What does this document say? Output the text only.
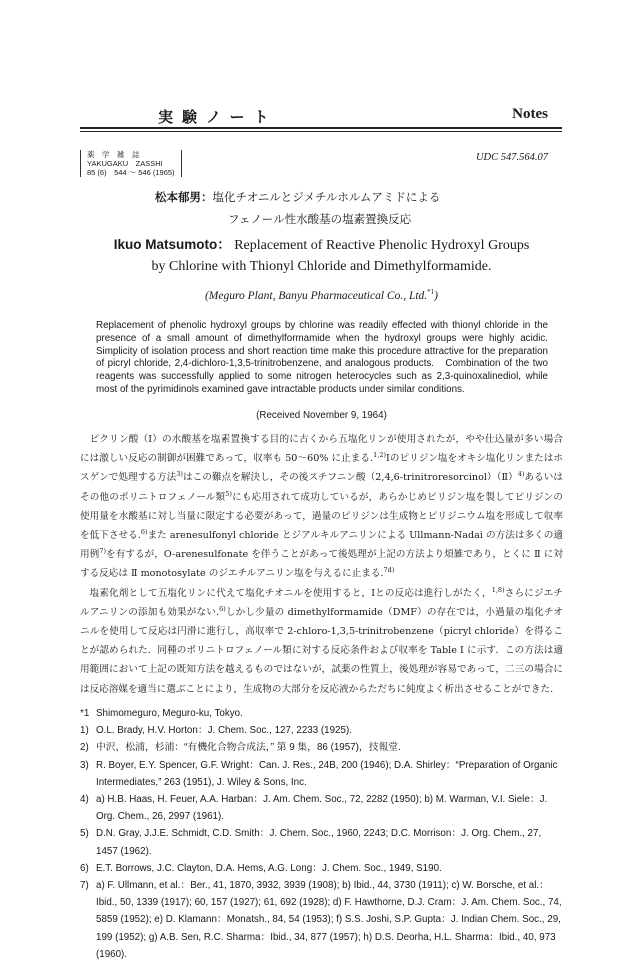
実験ノート	Notes
薬　学　雑　誌
YAKUGAKU　ZASSHI
85 (6)　544 ～ 546 (1965)
UDC 547.564.07
松本郁男：塩化チオニルとジメチルホルムアミドによる
フェノール性水酸基の塩素置換反応
Ikuo Matsumoto： Replacement of Reactive Phenolic Hydroxyl Groups
by Chlorine with Thionyl Chloride and Dimethylformamide.
(Meguro Plant, Banyu Pharmaceutical Co., Ltd.$^{*1}$)
Replacement of phenolic hydroxyl groups by chlorine was readily effected with thionyl chloride in the presence of a small amount of dimethylformamide when the hydroxyl groups were highly acidic.　Simplicity of isolation process and short reaction time make this procedure attractive for the preparation of picryl chloride, 2,4-dichloro-1,3,5-trinitrobenzene, and analogous products.　Combination of the two reagents was successfully applied to some nitrogen heterocycles such as 2,3-quinoxalinediol, while most of the pyrimidinols examined gave intractable products under similar conditions.
(Received November 9, 1964)

ピクリン酸（Ⅰ）の水酸基を塩素置換する目的に古くから五塩化リンが使用されたが，やや仕込量が多い場合には激しい反応の制御が困難であって，収率も 50～60% に止まる.$^{1,2)}$Ⅰのピリジン塩をオキシ塩化リンまたはホスゲンで処理する方法$^{3)}$はこの難点を解決し，その後スチフニン酸（2,4,6-trinitroresorcinol）（Ⅱ）$^{4)}$あるいはその他のポリニトロフェノール類$^{5)}$にも応用されて成功しているが，あらかじめピリジン塩を製してピリジンの使用量を水酸基に対し当量に限定する必要があって，過量のピリジンは生成物とピリジニウム塩を形成して収率を低下させる.$^{6)}$また arenesulfonyl chloride とジアルキルアニリンによる Ullmann-Nadai の方法は多くの適用例$^{7)}$を有するが，O-arenesulfonate を伴うことがあって後処理が上記の方法より煩雑であり，とくに Ⅱ に対する反応は Ⅱ monotosylate のジエチルアニリン塩を与えるに止まる.$^{7d)}$

塩素化剤として五塩化リンに代えて塩化チオニルを使用すると，Ⅰとの反応は進行しがたく，$^{1,8)}$さらにジエチルアニリンの添加も効果がない.$^{6)}$しかし少量の dimethylformamide（DMF）の存在では，小過量の塩化チオニルを使用して反応は円滑に進行し，高収率で 2-chloro-1,3,5-trinitrobenzene（picryl chloride）を得ることが認められた．同種のポリニトロフェノール類に対する反応条件および収率を Table Ⅰ に示す．この方法は適用範囲において上記の既知方法を越えるものではないが，試薬の性質上，後処理が容易であって，二三の場合には反応溶媒を適当に選ぶことにより，生成物の大部分を反応液からただちに純度よく析出させることができた.

*1 Shimomeguro, Meguro-ku, Tokyo.
1) O.L. Brady, H.V. Horton：J. Chem. Soc., 127, 2233 (1925).
2) 中沢，松浦，杉浦：“有機化合物合成法，” 第 9 集，86 (1957)，技報堂.
3) R. Boyer, E.Y. Spencer, G.F. Wright：Can. J. Res., 24B, 200 (1946); D.A. Shirley：“Preparation of Organic Intermediates,” 263 (1951), J. Wiley & Sons, Inc.
4) a) H.B. Haas, H. Feuer, A.A. Harban：J. Am. Chem. Soc., 72, 2282 (1950); b) M. Warman, V.I. Siele：J. Org. Chem., 26, 2997 (1961).
5) D.N. Gray, J.J.E. Schmidt, C.D. Smith：J. Chem. Soc., 1960, 2243; D.C. Morrison：J. Org. Chem., 27, 1457 (1962).
6) E.T. Borrows, J.C. Clayton, D.A. Hems, A.G. Long：J. Chem. Soc., 1949, S190.
7) a) F. Ullmann, et al.：Ber., 41, 1870, 3932, 3939 (1908); b) Ibid., 44, 3730 (1911); c) W. Borsche, et al.：Ibid., 50, 1339 (1917); 60, 157 (1927); 61, 692 (1928); d) F. Hawthorne, D.J. Cram：J. Am. Chem. Soc., 74, 5859 (1952); e) D. Klamann：Monatsh., 84, 54 (1953); f) S.S. Joshi, S.P. Gupta：J. Indian Chem. Soc., 29, 199 (1952); g) A.B. Sen, R.C. Sharma：Ibid., 34, 877 (1957); h) D.S. Deorha, H.L. Sharma：Ibid., 40, 973 (1960).
